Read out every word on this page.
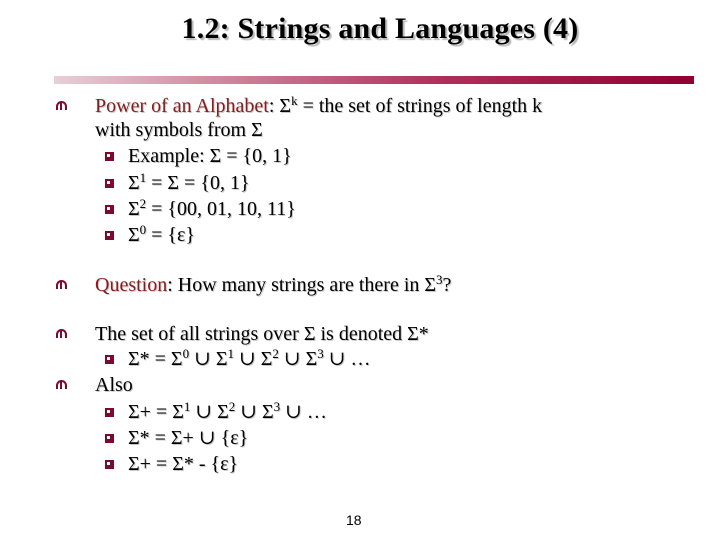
1.2: Strings and Languages (4)
Power of an Alphabet: $\Sigma^k$ = the set of strings of length k
with symbols from Σ
Example: Σ = {0, 1}
$\Sigma^1 = \Sigma = \{0$, 1}
$\Sigma^2 = \{00$, 01, 10, 11}
$\Sigma^0 = \{\varepsilon\}$
Question: How many strings are there in $\Sigma^3$?
The set of all strings over Σ is denoted Σ*
$\Sigma* = \Sigma^0$ ∪ $\Sigma^1$ ∪ $\Sigma^2$ ∪ $\Sigma^3$ ∪ …
Also
$\Sigma+ = \Sigma^1$ ∪ $\Sigma^2$ ∪ $\Sigma^3$ ∪ …
Σ* = Σ+ ∪ {ε}
Σ+ = Σ* - {ε}
18
